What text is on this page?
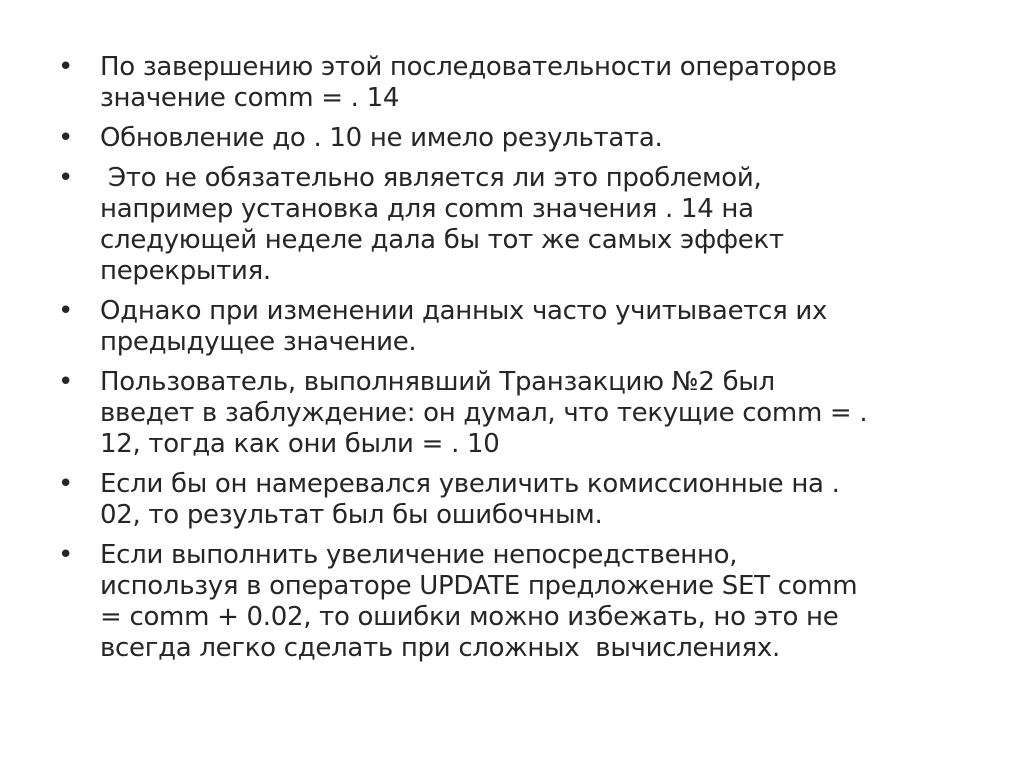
• По завершению этой последовательности операторов
значение comm = . 14
• Обновление до . 10 не имело результата.
• Это не обязательно является ли это проблемой,
например установка для comm значения . 14 на
следующей неделе дала бы тот же самых эффект
перекрытия.
• Однако при изменении данных часто учитывается их
предыдущее значение.
• Пользователь, выполнявший Транзакцию №2 был
введет в заблуждение: он думал, что текущие comm = .
12, тогда как они были = . 10
• Если бы он намеревался увеличить комиссионные на .
02, то результат был бы ошибочным.
• Если выполнить увеличение непосредственно,
используя в операторе UPDATE предложение SET comm
= comm + 0.02, то ошибки можно избежать, но это не
всегда легко сделать при сложных  вычислениях.
